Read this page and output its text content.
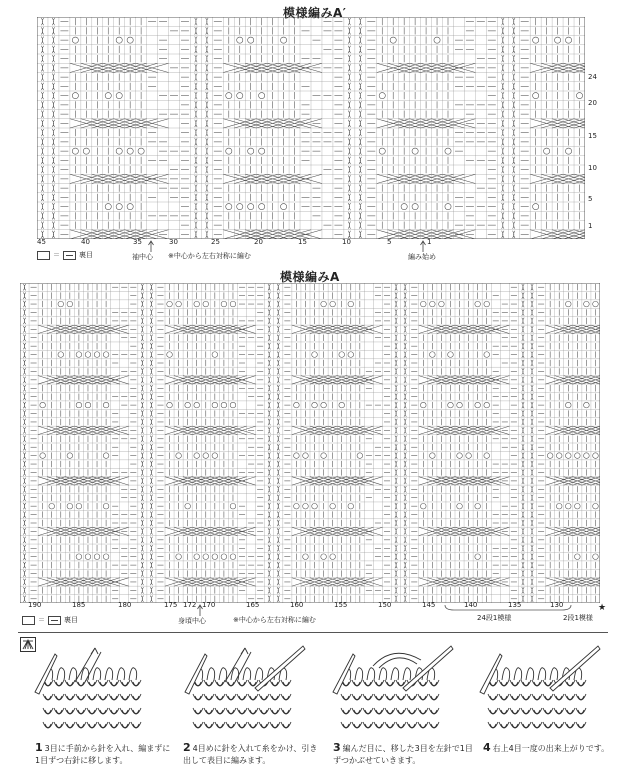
模様編みA′
45	40	35	30	25	20	15	10	5	1
24
20
15
10
5
1
＝	裏目	袖中心 ※中心から左右対称に編む	編み始め
模様編みA
190	185	180	175 172 170	165	160	155	150	145	140	135	130
＝	裏目	身頃中心	※中心から左右対称に編む	24段1模様	2段1模様
★
1 3目に手前から針を入れ、編まずに1目ずつ右針に移します。
2 4目めに針を入れて糸をかけ、引き出して表目に編みます。
3 編んだ目に、移した3目を左針で1目ずつかぶせていきます。
4 右上4目一度の出来上がりです。
